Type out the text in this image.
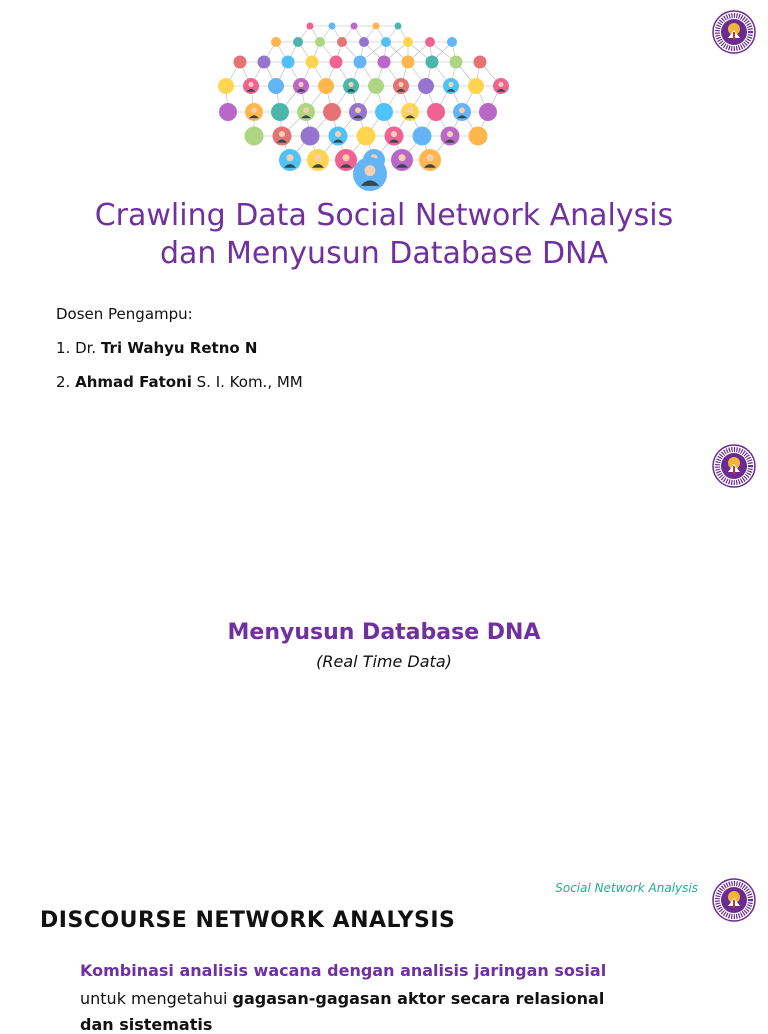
Crawling Data Social Network Analysis
dan Menyusun Database DNA
Dosen Pengampu:
1. Dr. Tri Wahyu Retno N
2. Ahmad Fatoni S. I. Kom., MM
Menyusun Database DNA
(Real Time Data)
Social Network Analysis
DISCOURSE NETWORK ANALYSIS
Kombinasi analisis wacana dengan analisis jaringan sosial
untuk mengetahui gagasan-gagasan aktor secara relasional
dan sistematis
